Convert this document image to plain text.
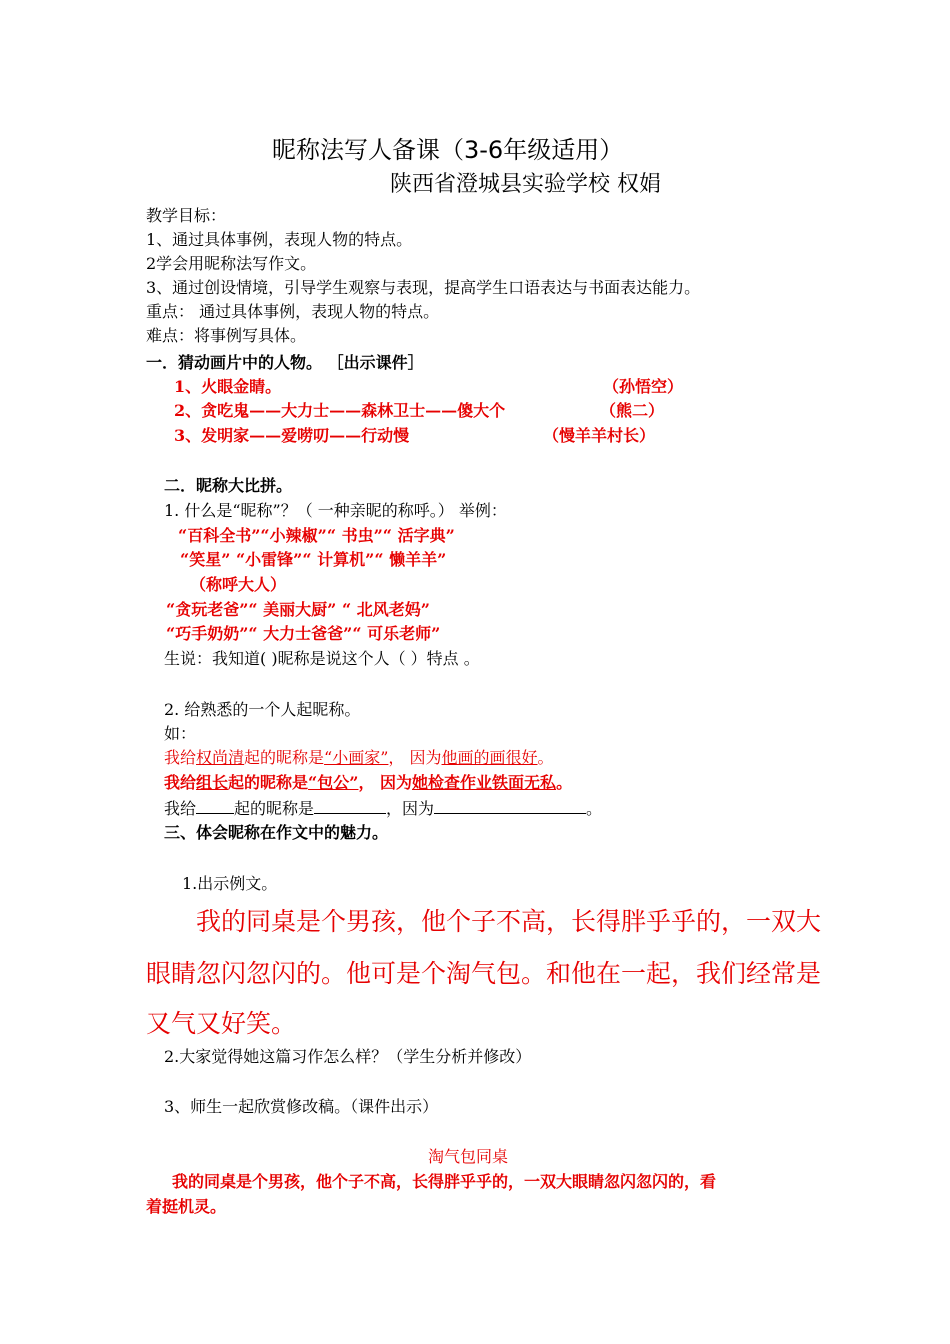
昵称法写人备课（3-6年级适用）
陕西省澄城县实验学校 权娟
教学目标：
1、通过具体事例，表现人物的特点。
2学会用昵称法写作文。
3、通过创设情境，引导学生观察与表现，提高学生口语表达与书面表达能力。
重点： 通过具体事例，表现人物的特点。
难点：将事例写具体。
一．猜动画片中的人物。 ［出示课件］
1、火眼金睛。	（孙悟空）
2、贪吃鬼——大力士——森林卫士——傻大个	（熊二）
3、发明家——爱唠叨——行动慢	（慢羊羊村长）
二．昵称大比拼。
1. 什么是“昵称”？（ 一种亲昵的称呼。） 举例：
“百科全书”“小辣椒”“ 书虫”“ 活字典”
“笑星” “小雷锋”“ 计算机”“ 懒羊羊”
（称呼大人）
“贪玩老爸”“ 美丽大厨” “ 北风老妈”
“巧手奶奶”“ 大力士爸爸”“ 可乐老师”
生说：我知道( )昵称是说这个人（ ）特点 。
2. 给熟悉的一个人起昵称。
如：
我给权尚清起的昵称是“小画家”， 因为他画的画很好。
我给组长起的昵称是“包公”， 因为她检查作业铁面无私。
我给 起的昵称是	，因为	。
三、体会昵称在作文中的魅力。
1.出示例文。
我的同桌是个男孩，他个子不高，长得胖乎乎的，一双大
眼睛忽闪忽闪的。他可是个淘气包。和他在一起，我们经常是
又气又好笑。
2.大家觉得她这篇习作怎么样？（学生分析并修改）
3、师生一起欣赏修改稿。（课件出示）
淘气包同桌
我的同桌是个男孩，他个子不高，长得胖乎乎的，一双大眼睛忽闪忽闪的，看
着挺机灵。
